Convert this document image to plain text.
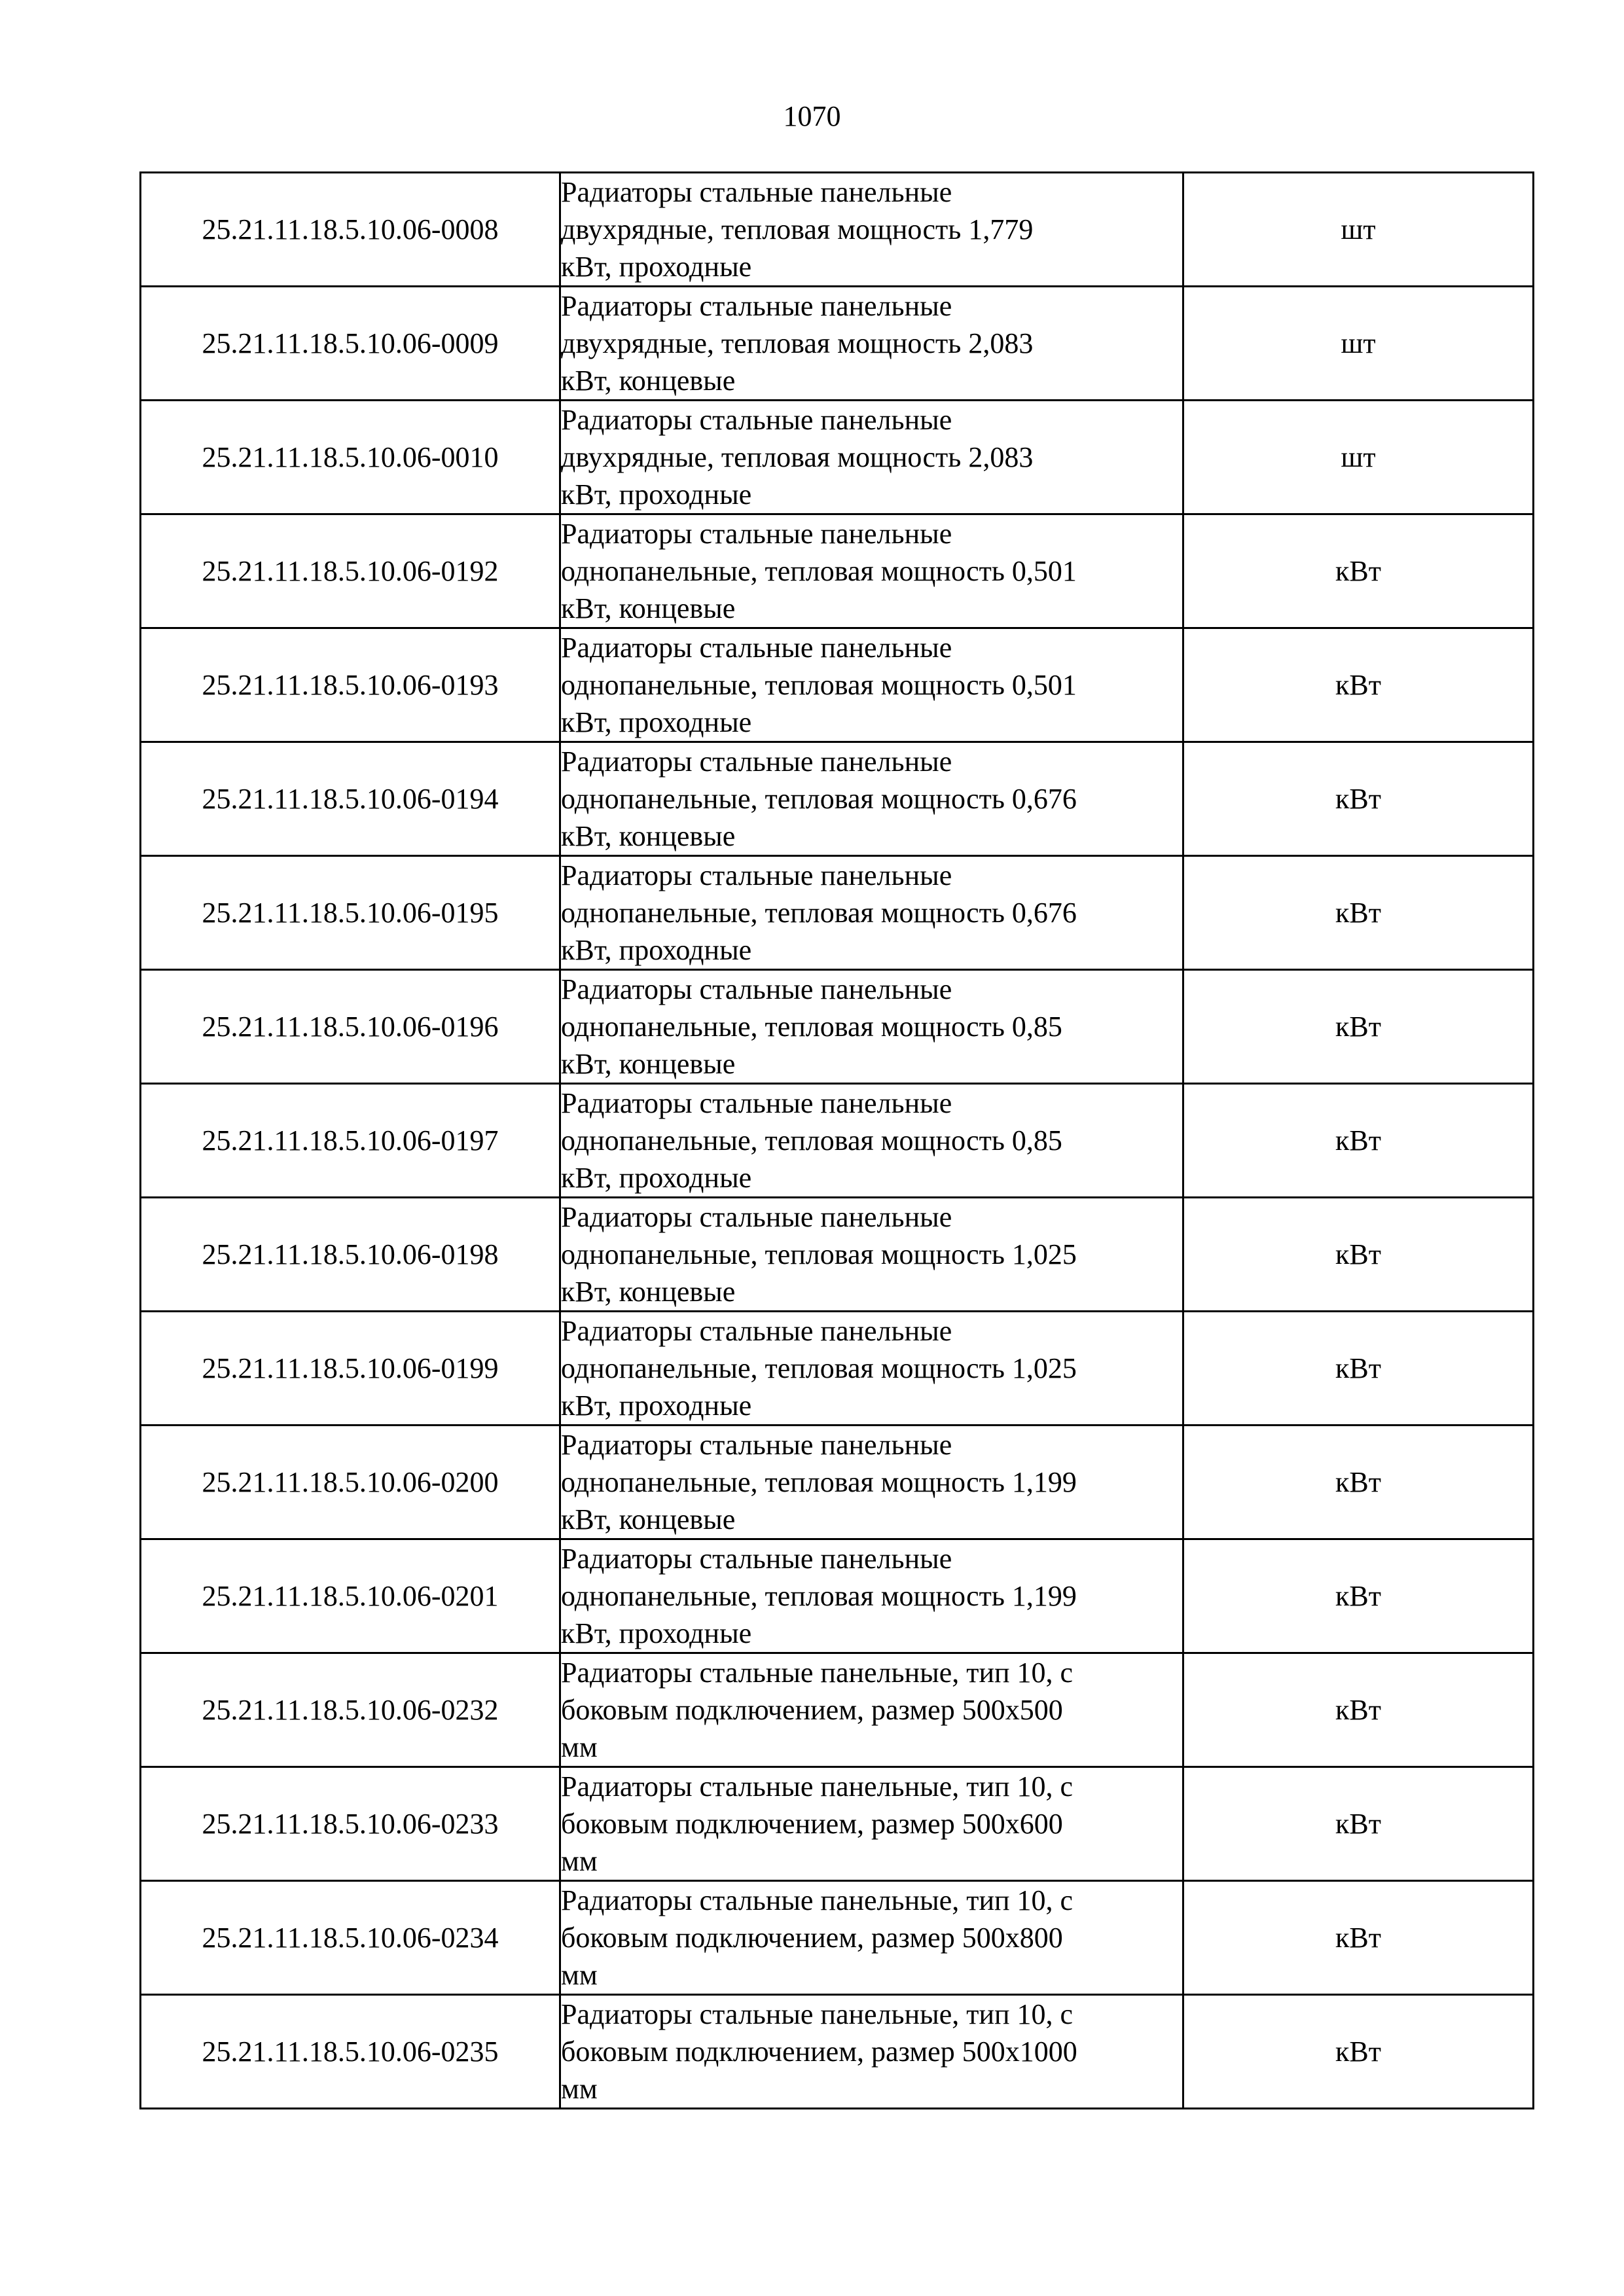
1070
25.21.11.18.5.10.06-0008	Радиаторы стальные панельные
двухрядные, тепловая мощность 1,779
кВт, проходные	шт
25.21.11.18.5.10.06-0009	Радиаторы стальные панельные
двухрядные, тепловая мощность 2,083
кВт, концевые	шт
25.21.11.18.5.10.06-0010	Радиаторы стальные панельные
двухрядные, тепловая мощность 2,083
кВт, проходные	шт
25.21.11.18.5.10.06-0192	Радиаторы стальные панельные
однопанельные, тепловая мощность 0,501
кВт, концевые	кВт
25.21.11.18.5.10.06-0193	Радиаторы стальные панельные
однопанельные, тепловая мощность 0,501
кВт, проходные	кВт
25.21.11.18.5.10.06-0194	Радиаторы стальные панельные
однопанельные, тепловая мощность 0,676
кВт, концевые	кВт
25.21.11.18.5.10.06-0195	Радиаторы стальные панельные
однопанельные, тепловая мощность 0,676
кВт, проходные	кВт
25.21.11.18.5.10.06-0196	Радиаторы стальные панельные
однопанельные, тепловая мощность 0,85
кВт, концевые	кВт
25.21.11.18.5.10.06-0197	Радиаторы стальные панельные
однопанельные, тепловая мощность 0,85
кВт, проходные	кВт
25.21.11.18.5.10.06-0198	Радиаторы стальные панельные
однопанельные, тепловая мощность 1,025
кВт, концевые	кВт
25.21.11.18.5.10.06-0199	Радиаторы стальные панельные
однопанельные, тепловая мощность 1,025
кВт, проходные	кВт
25.21.11.18.5.10.06-0200	Радиаторы стальные панельные
однопанельные, тепловая мощность 1,199
кВт, концевые	кВт
25.21.11.18.5.10.06-0201	Радиаторы стальные панельные
однопанельные, тепловая мощность 1,199
кВт, проходные	кВт
25.21.11.18.5.10.06-0232	Радиаторы стальные панельные, тип 10, с
боковым подключением, размер 500х500
мм	кВт
25.21.11.18.5.10.06-0233	Радиаторы стальные панельные, тип 10, с
боковым подключением, размер 500х600
мм	кВт
25.21.11.18.5.10.06-0234	Радиаторы стальные панельные, тип 10, с
боковым подключением, размер 500х800
мм	кВт
25.21.11.18.5.10.06-0235	Радиаторы стальные панельные, тип 10, с
боковым подключением, размер 500х1000
мм	кВт
